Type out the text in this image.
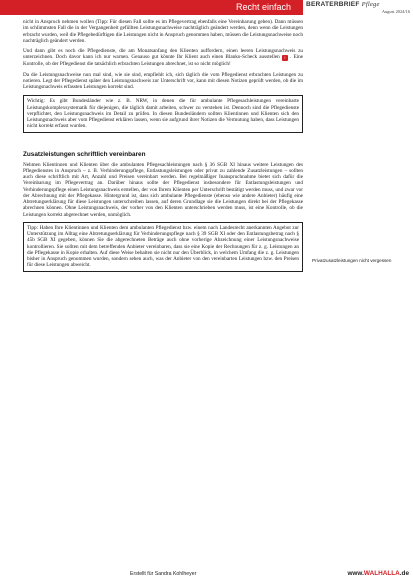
Recht einfach	BERATERBRIEF Pflege
August 2024/16

nicht in Anspruch nehmen wollen (Tipp: Für diesen Fall sollte es im Pflegevertrag ebenfalls eine Vereinbarung geben). Dann müssen im schlimmsten Fall die in der Vergangenheit gefüllten Leistungsnachweise nachträglich geändert werden, denn wenn die Leistungen erbracht wurden, weil die Pflegebedürftigen die Leistungen nicht in Anspruch genommen haben, müssen die Leistungsnachweise noch nachträglich geändert werden.

Und dann gibt es noch die Pflegedienste, die am Monatsanfang den Klienten auffordern, einen leeren Leistungsnachweis zu unterzeichnen. Doch davor kann ich nur warnen. Genauso gut könnte Ihr Klient auch einen Blanko-Scheck ausstellen ! . Eine Kontrolle, ob der Pflegedienst die tatsächlich erbrachten Leistungen abrechnet, ist so nicht möglich!

Da die Leistungsnachweise nun mal sind, wie sie sind, empfiehlt ich, sich täglich die vom Pflegedienst erbrachten Leistungen zu notieren. Legt der Pflegedienst später den Leistungsnachweis zur Unterschrift vor, kann mit diesen Notizen geprüft werden, ob die im Leistungsnachweis erfassten Leistungen korrekt sind.

Wichtig: Es gibt Bundesländer wie z. B. NRW, in denen die für ambulante Pflegesachleistungen vereinbarte Leistungskomplexsystematik für diejenigen, die täglich damit arbeiten, schwer zu verstehen ist. Dennoch sind die Pflegedienste verpflichtet, den Leistungsnachweis im Detail zu prüfen. In diesen Bundesländern sollten Klientinnen und Klienten sich den Leistungsnachweis aber vom Pflegedienst erklären lassen, wenn sie aufgrund ihrer Notizen die Vermutung haben, dass Leistungen nicht korrekt erfasst wurden.
Zusatzleistungen schriftlich vereinbaren

Nehmen Klientinnen und Klienten über die ambulanten Pflegesachleistungen nach § 36 SGB XI hinaus weitere Leistungen des Pflegedienstes in Anspruch – z. B. Verhinderungspflege, Entlastungsleistungen oder privat zu zahlende Zusatzleistungen – sollten auch diese schriftlich mit Art, Anzahl und Preisen vereinbart werden. Bei regelmäßiger Inanspruchnahme bietet sich dafür die Vereinbarung im Pflegevertrag an. Darüber hinaus sollte der Pflegedienst insbesondere für Entlastungsleistungen und Verhinderungspflege einen Leistungsnachweis erstellen, der von Ihrem Klienten per Unterschrift bestätigt werden muss, und zwar vor der Abrechnung mit der Pflegekasse. Hintergrund ist, dass sich ambulante Pflegedienste (ebenso wie andere Anbieter) häufig eine Abtretungserklärung für diese Leistungen unterschreiben lassen, auf deren Grundlage sie die Leistungen direkt bei der Pflegekasse abrechnen können. Ohne Leistungsnachweis, der vorher von den Klienten unterschrieben werden muss, ist eine Kontrolle, ob die Leistungen korrekt abgerechnet werden, unmöglich.

Tipp: Haben Ihre Klientinnen und Klienten dem ambulanten Pflegedienst bzw. einem nach Landesrecht anerkannten Angebot zur Unterstützung im Alltag eine Abtretungserklärung für Verhinderungspflege nach § 39 SGB XI oder den Entlastungsbetrag nach § 45b SGB XI gegeben, können Sie die abgerechneten Beträge auch ohne vorherige Abzeichnung einer Leistungsnachweise kontrollieren. Sie sollten mit dem betreffenden Anbieter vereinbaren, dass sie eine Kopie der Rechnungen für z. g. Leistungen an die Pflegekasse in Kopie erhalten. Auf diese Weise behalten sie nicht nur den Überblick, in welchem Umfang die z. g. Leistungen bisher in Anspruch genommen wurden, sondern sehen auch, was der Anbieter von den vereinbarten Leistungen bzw. den Preisen für diese Leistungen abweicht.
Privatzusatzleistungen nicht vergessen
Erstellt für Sandra Kohlheyer	www.WALHALLA.de
